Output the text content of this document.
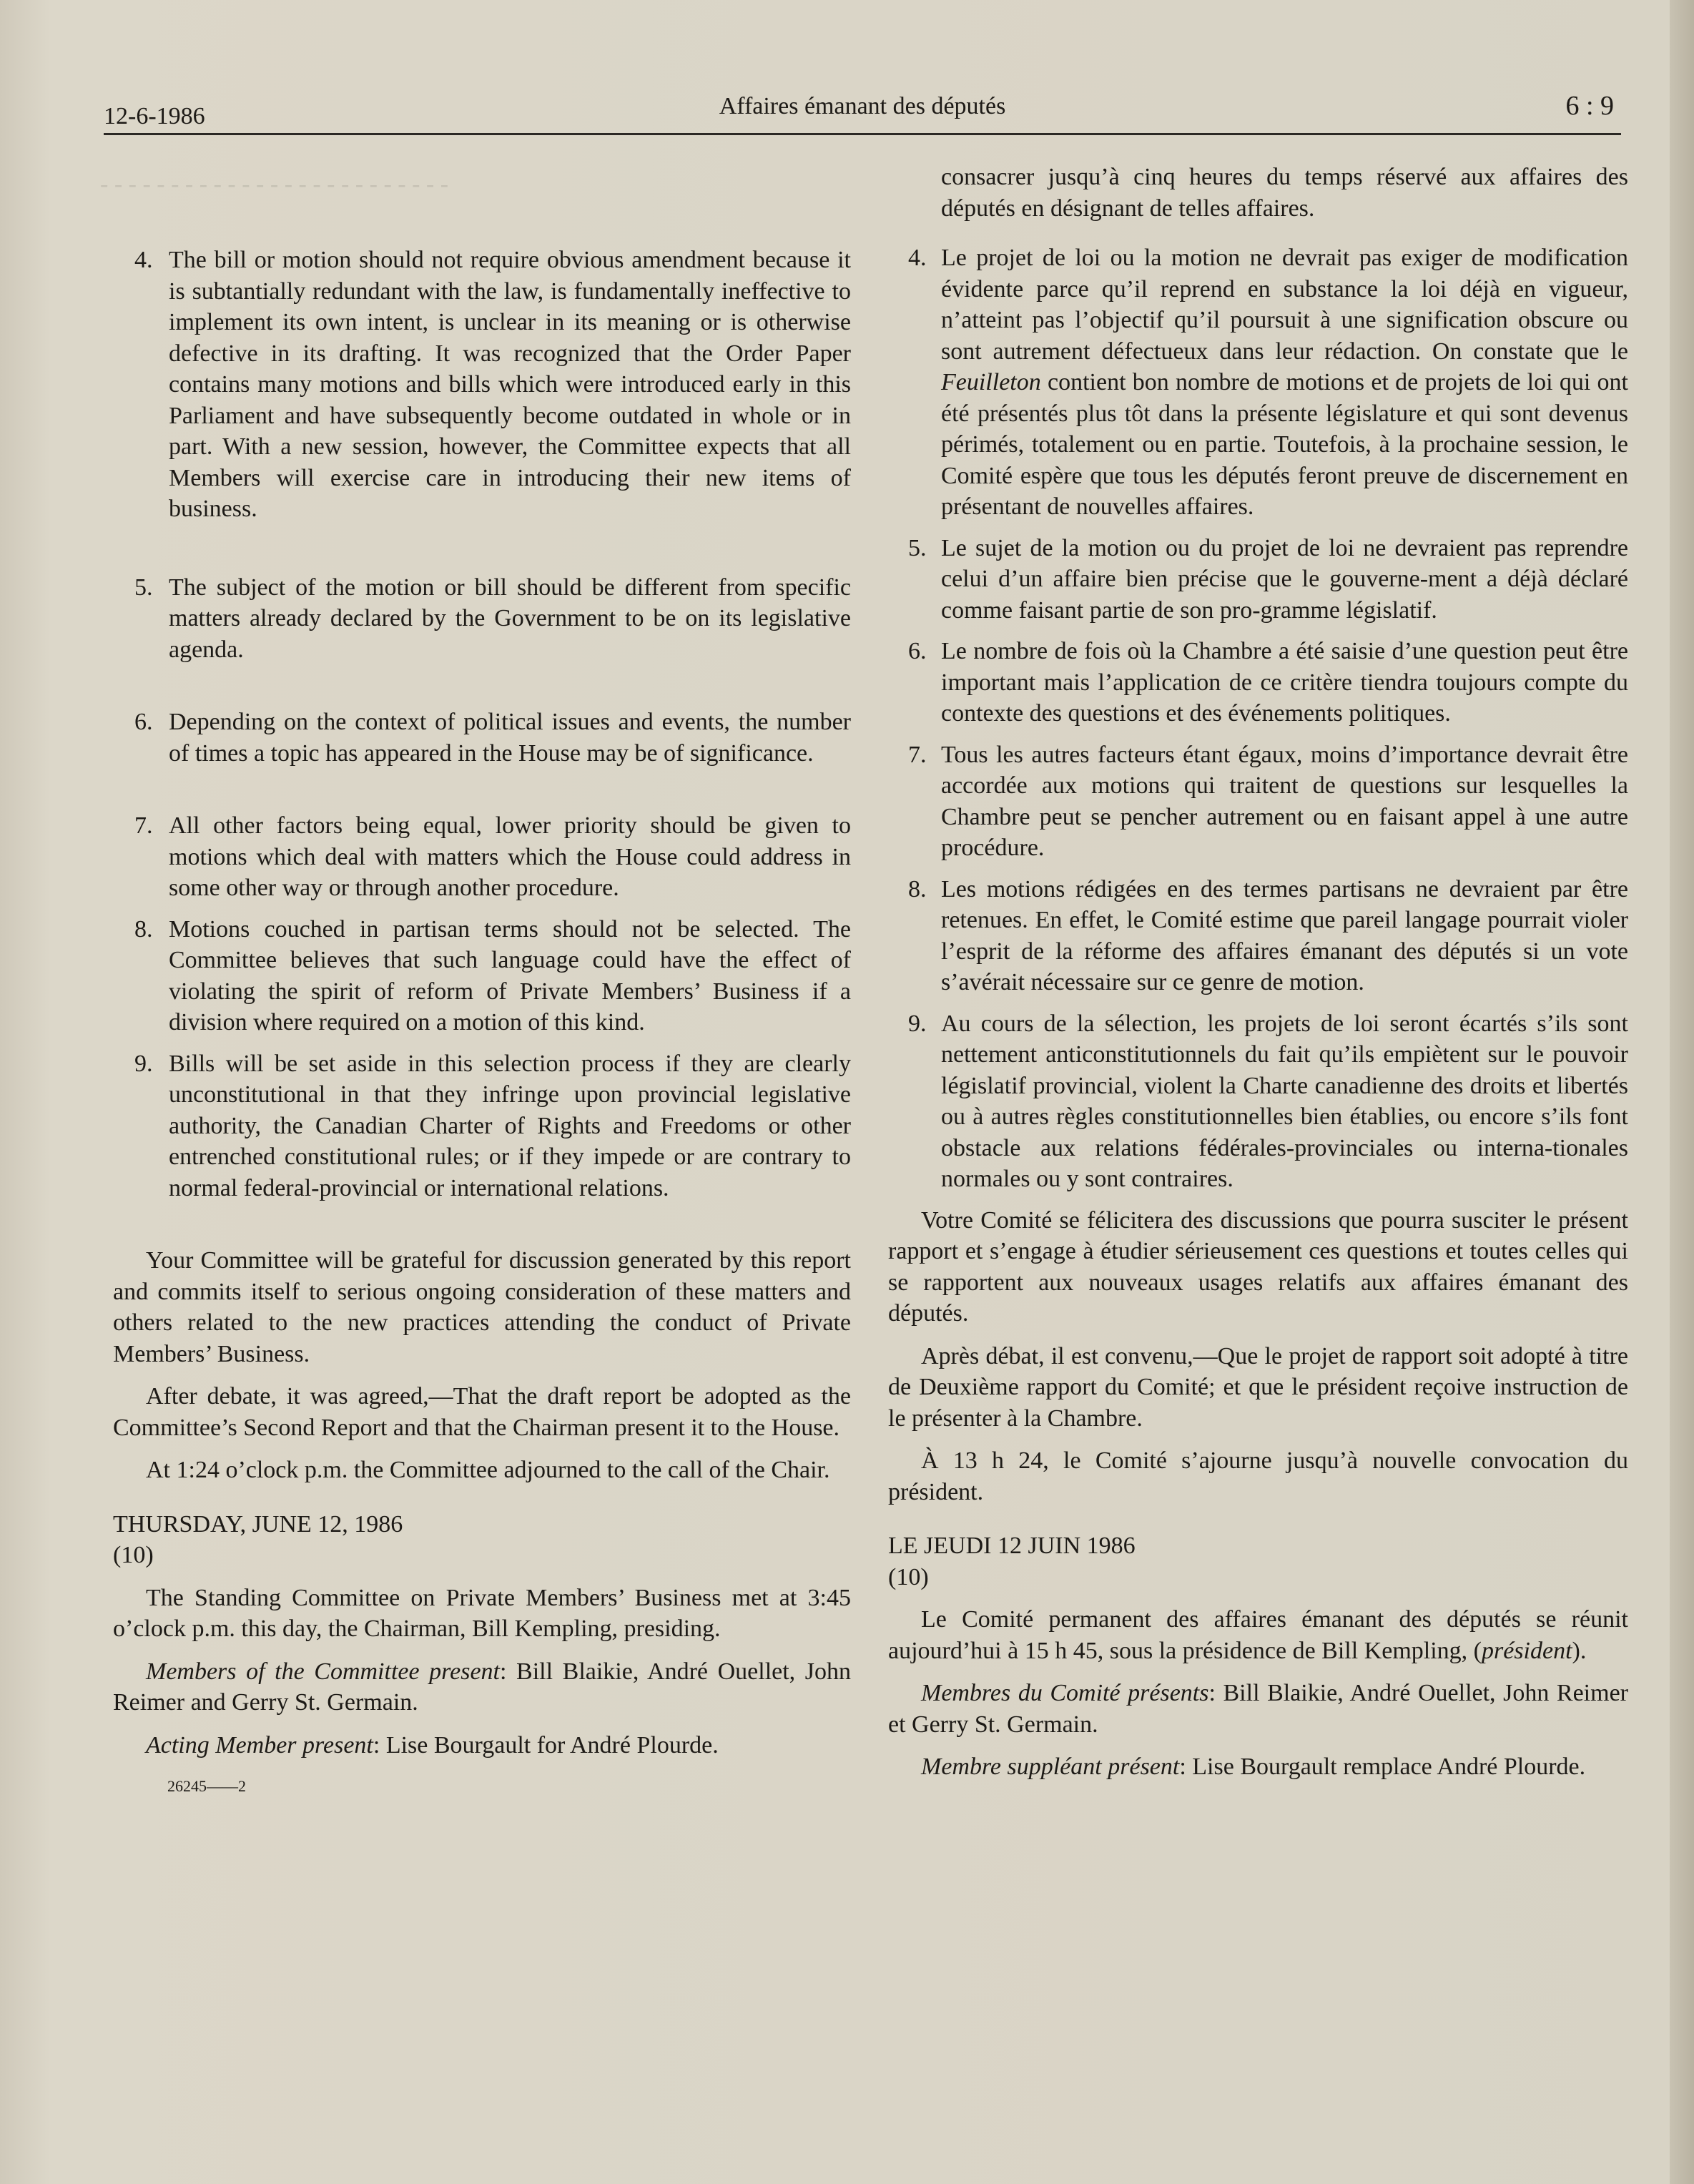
- - - - - - - - - - - - - - - - - - - - - - - - -
12-6-1986	Affaires émanant des députés	6 : 9
4. The bill or motion should not require obvious amendment because it is subtantially redundant with the law, is fundamentally ineffective to implement its own intent, is unclear in its meaning or is otherwise defective in its drafting. It was recognized that the Order Paper contains many motions and bills which were introduced early in this Parliament and have subsequently become outdated in whole or in part. With a new session, however, the Committee expects that all Members will exercise care in introducing their new items of business.
5. The subject of the motion or bill should be different from specific matters already declared by the Government to be on its legislative agenda.
6. Depending on the context of political issues and events, the number of times a topic has appeared in the House may be of significance.
7. All other factors being equal, lower priority should be given to motions which deal with matters which the House could address in some other way or through another procedure.
8. Motions couched in partisan terms should not be selected. The Committee believes that such language could have the effect of violating the spirit of reform of Private Members’ Business if a division where required on a motion of this kind.
9. Bills will be set aside in this selection process if they are clearly unconstitutional in that they infringe upon provincial legislative authority, the Canadian Charter of Rights and Freedoms or other entrenched constitutional rules; or if they impede or are contrary to normal federal-provincial or international relations.

Your Committee will be grateful for discussion generated by this report and commits itself to serious ongoing consideration of these matters and others related to the new practices attending the conduct of Private Members’ Business.

After debate, it was agreed,—That the draft report be adopted as the Committee’s Second Report and that the Chairman present it to the House.

At 1:24 o’clock p.m. the Committee adjourned to the call of the Chair.

THURSDAY, JUNE 12, 1986

(10)

The Standing Committee on Private Members’ Business met at 3:45 o’clock p.m. this day, the Chairman, Bill Kempling, presiding.

Members of the Committee present: Bill Blaikie, André Ouellet, John Reimer and Gerry St. Germain.

Acting Member present: Lise Bourgault for André Plourde.

26245——2

consacrer jusqu’à cinq heures du temps réservé aux affaires des députés en désignant de telles affaires.

4. Le projet de loi ou la motion ne devrait pas exiger de modification évidente parce qu’il reprend en substance la loi déjà en vigueur, n’atteint pas l’objectif qu’il poursuit à une signification obscure ou sont autrement défectueux dans leur rédaction. On constate que le Feuilleton contient bon nombre de motions et de projets de loi qui ont été présentés plus tôt dans la présente législature et qui sont devenus périmés, totalement ou en partie. Toutefois, à la prochaine session, le Comité espère que tous les députés feront preuve de discernement en présentant de nouvelles affaires.
5. Le sujet de la motion ou du projet de loi ne devraient pas reprendre celui d’un affaire bien précise que le gouverne-ment a déjà déclaré comme faisant partie de son pro-gramme législatif.
6. Le nombre de fois où la Chambre a été saisie d’une question peut être important mais l’application de ce critère tiendra toujours compte du contexte des questions et des événements politiques.
7. Tous les autres facteurs étant égaux, moins d’importance devrait être accordée aux motions qui traitent de questions sur lesquelles la Chambre peut se pencher autrement ou en faisant appel à une autre procédure.
8. Les motions rédigées en des termes partisans ne devraient par être retenues. En effet, le Comité estime que pareil langage pourrait violer l’esprit de la réforme des affaires émanant des députés si un vote s’avérait nécessaire sur ce genre de motion.
9. Au cours de la sélection, les projets de loi seront écartés s’ils sont nettement anticonstitutionnels du fait qu’ils empiètent sur le pouvoir législatif provincial, violent la Charte canadienne des droits et libertés ou à autres règles constitutionnelles bien établies, ou encore s’ils font obstacle aux relations fédérales-provinciales ou interna-tionales normales ou y sont contraires.

Votre Comité se félicitera des discussions que pourra susciter le présent rapport et s’engage à étudier sérieusement ces questions et toutes celles qui se rapportent aux nouveaux usages relatifs aux affaires émanant des députés.

Après débat, il est convenu,—Que le projet de rapport soit adopté à titre de Deuxième rapport du Comité; et que le président reçoive instruction de le présenter à la Chambre.

À 13 h 24, le Comité s’ajourne jusqu’à nouvelle convocation du président.

LE JEUDI 12 JUIN 1986

(10)

Le Comité permanent des affaires émanant des députés se réunit aujourd’hui à 15 h 45, sous la présidence de Bill Kempling, (président).

Membres du Comité présents: Bill Blaikie, André Ouellet, John Reimer et Gerry St. Germain.

Membre suppléant présent: Lise Bourgault remplace André Plourde.
